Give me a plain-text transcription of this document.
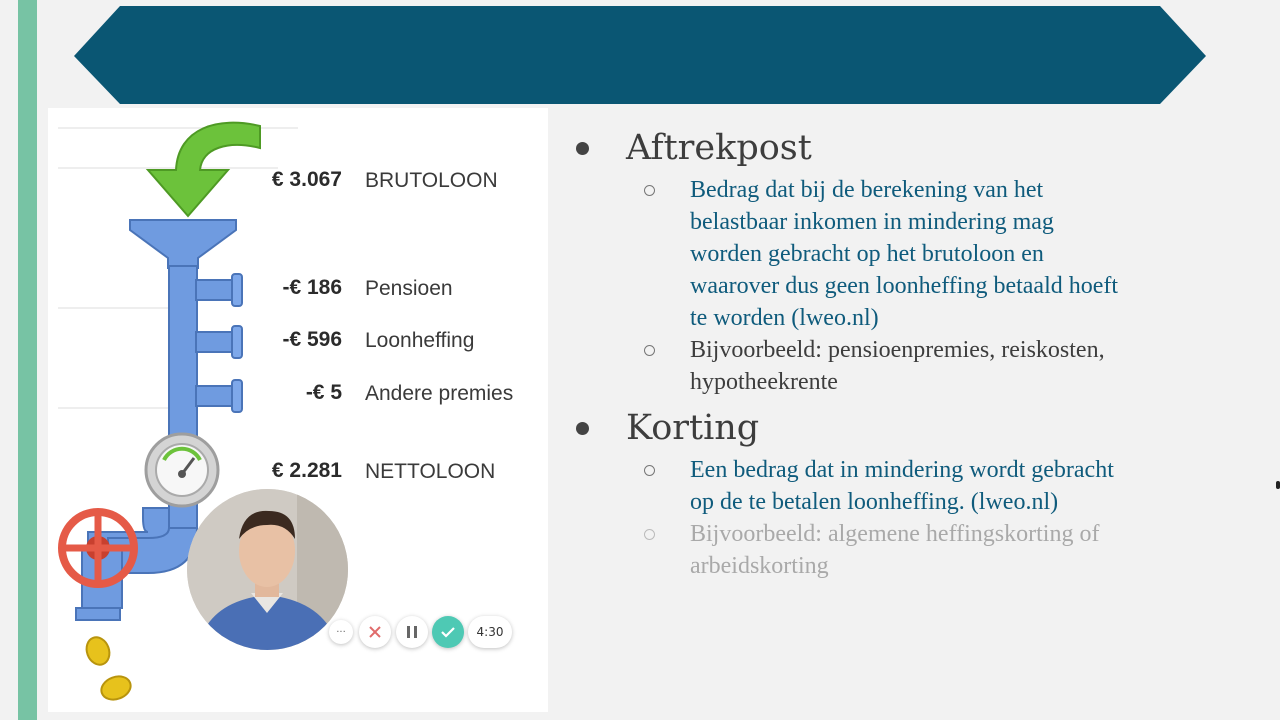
€ 3.067 BRUTOLOON
-€ 186 Pensioen
-€ 596 Loonheffing
-€ 5 Andere premies
€ 2.281 NETTOLOON
Aftrekpost
Bedrag dat bij de berekening van het
belastbaar inkomen in mindering mag
worden gebracht op het brutoloon en
waarover dus geen loonheffing betaald hoeft
te worden (lweo.nl)
Bijvoorbeeld: pensioenpremies, reiskosten,
hypotheekrente
Korting
Een bedrag dat in mindering wordt gebracht
op de te betalen loonheffing. (lweo.nl)
Bijvoorbeeld: algemene heffingskorting of
arbeidskorting
···	4:30
